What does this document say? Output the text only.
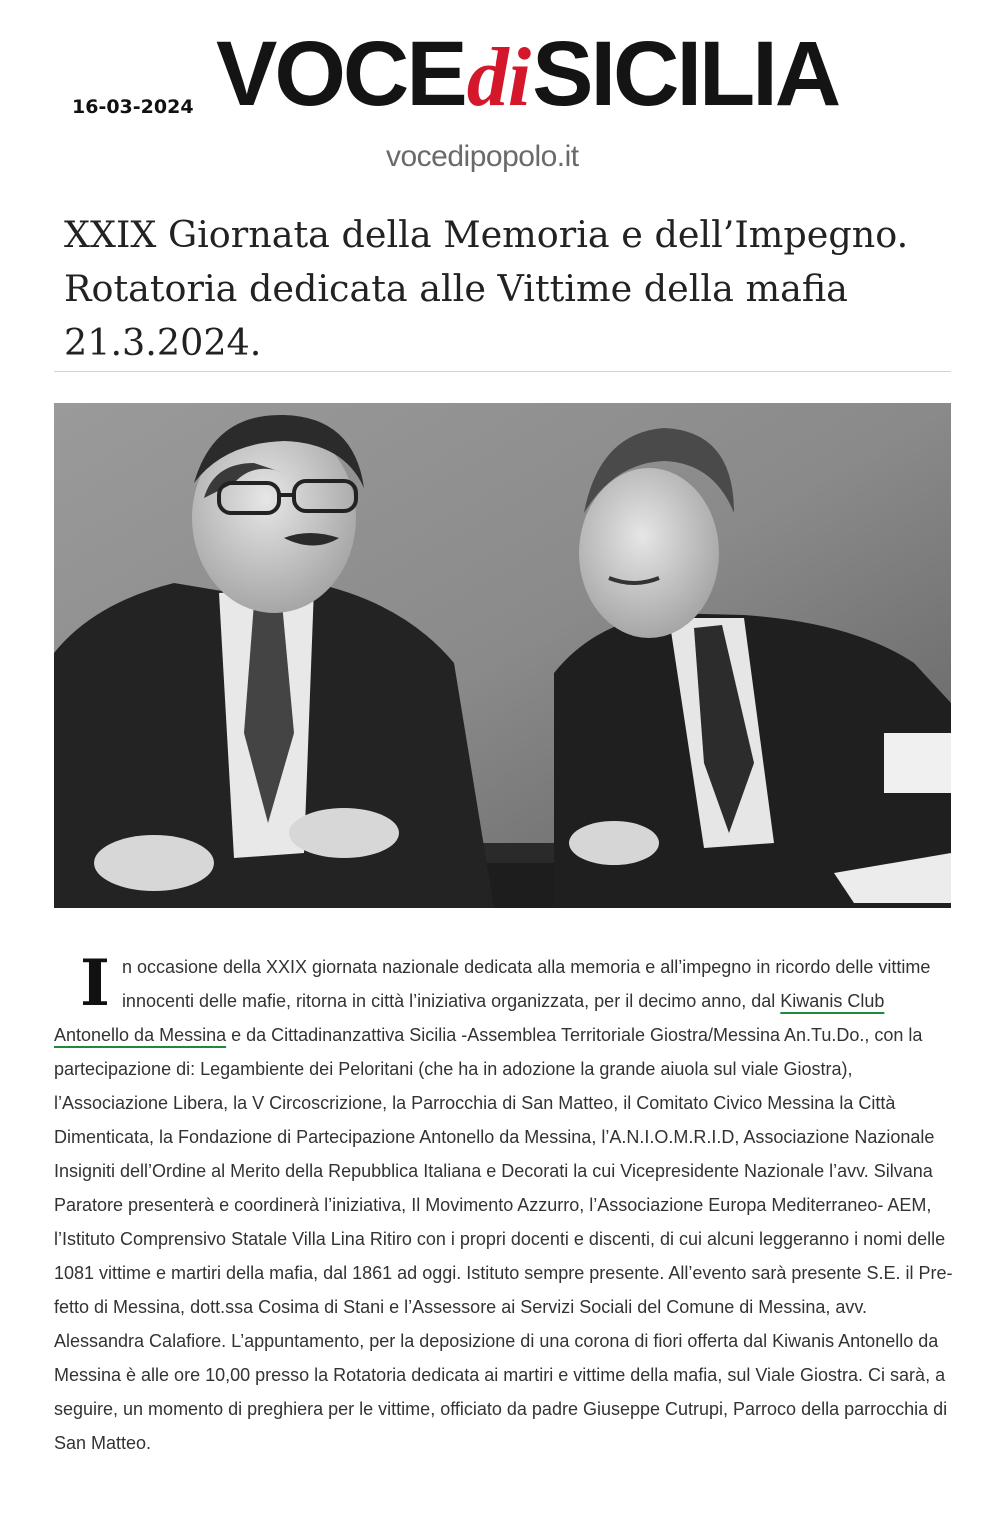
16-03-2024 VOCEdiSICILIA
vocedipopolo.it
XXIX Giornata della Memoria e dell’Impegno. Rotatoria dedicata alle Vittime della mafia 21.3.2024.
I n occasione della XXIX giornata nazionale dedicata alla memoria e all’impegno in ricordo delle vittime innocenti delle mafie, ritorna in città l’iniziativa organizzata, per il decimo anno, dal Kiwanis Club Antonello da Messina e da Cittadinanzattiva Sicilia -Assemblea Territoriale Giostra/Messina An.Tu.Do., con la partecipazione di: Legambiente dei Peloritani (che ha in adozione la grande aiuola sul viale Giostra), l’Associazione Libera, la V Circoscrizione, la Parrocchia di San Matteo, il Comitato Civico Messina la Città Dimenticata, la Fondazione di Partecipazione Antonello da Messina, l’A.N.I.O.M.R.I.D, Associazione Nazionale Insigniti dell’Ordine al Merito della Repubblica Italiana e Decorati la cui Vicepresidente Nazionale l’avv. Silvana Paratore presenterà e coordinerà l’iniziativa, Il Movimento Azzurro, l’Associazione Europa Mediterraneo- AEM, l’Istituto Comprensivo Statale Villa Lina Ritiro con i propri docenti e discenti, di cui alcuni leggeranno i nomi delle 1081 vittime e martiri della mafia, dal 1861 ad oggi. Istituto sempre presente. All’evento sarà presente S.E. il Prefetto di Messina, dott.ssa Cosima di Stani e l’Assessore ai Servizi Sociali del Comune di Messina, avv. Alessandra Calafiore. L’appuntamento, per la deposizione di una corona di fiori offerta dal Kiwanis Antonello da Messina è alle ore 10,00 presso la Rotatoria dedicata ai martiri e vittime della mafia, sul Viale Giostra. Ci sarà, a seguire, un momento di preghiera per le vittime, officiato da padre Giuseppe Cutrupi, Parroco della parrocchia di San Matteo.
